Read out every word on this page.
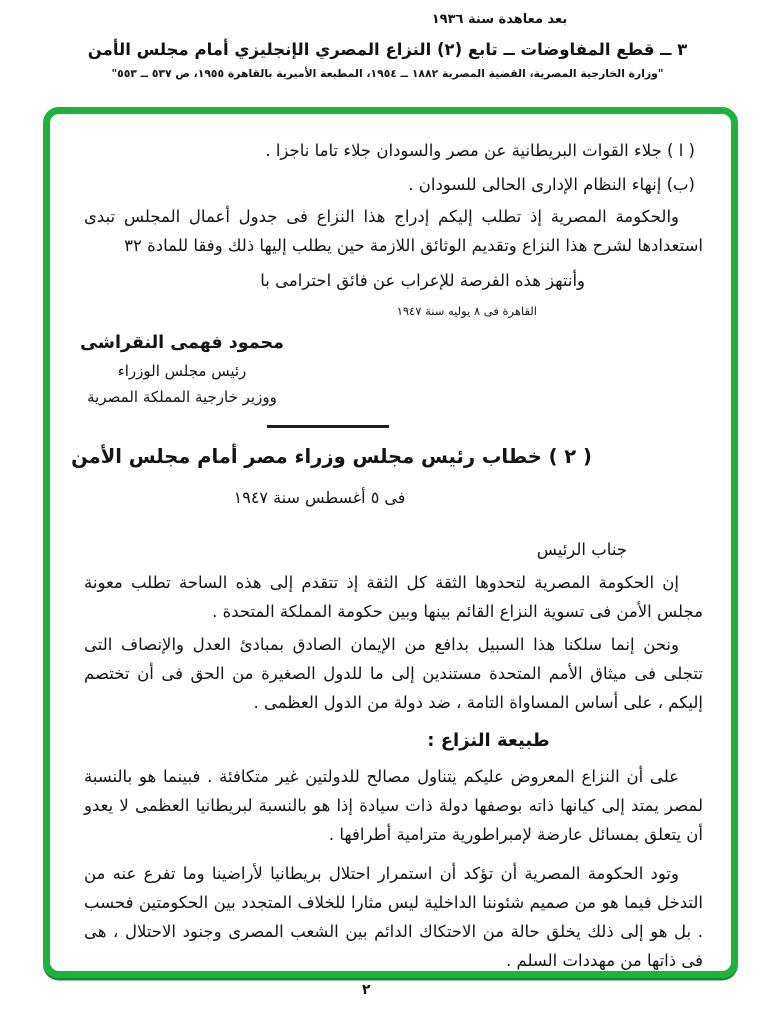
بعد معاهدة سنة ١٩٣٦
٣ ــ قطع المفاوضات ــ تابع (٢) النزاع المصري الإنجليزي أمام مجلس الأمن
"وزارة الخارجية المصرية، القضية المصرية ١٨٨٢ ــ ١٩٥٤، المطبعة الأميرية بالقاهرة ١٩٥٥، ص ٥٣٧ ــ ٥٥٣"
( ا ) جلاء القوات البريطانية عن مصر والسودان جلاء تاما ناجزا .
(ب) إنهاء النظام الإدارى الحالى للسودان .
والحكومة المصرية إذ تطلب إليكم إدراج هذا النزاع فى جدول أعمال المجلس تبدى استعدادها لشرح هذا النزاع وتقديم الوثائق اللازمة حين يطلب إليها ذلك وفقا للمادة ٣٢
وأنتهز هذه الفرصة للإعراب عن فائق احترامى با
القاهرة فى ٨ يوليه سنة ١٩٤٧
محمود فهمى النقراشى
رئيس مجلس الوزراء
ووزير خارجية المملكة المصرية
( ٢ ) خطاب رئيس مجلس وزراء مصر أمام مجلس الأمن
فى ٥ أغسطس سنة ١٩٤٧
جناب الرئيس
إن الحكومة المصرية لتحدوها الثقة كل الثقة إذ تتقدم إلى هذه الساحة تطلب معونة مجلس الأمن فى تسوية النزاع القائم بينها وبين حكومة المملكة المتحدة .
ونحن إنما سلكنا هذا السبيل بدافع من الإيمان الصادق بمبادئ العدل والإنصاف التى تتجلى فى ميثاق الأمم المتحدة مستندين إلى ما للدول الصغيرة من الحق فى أن تختصم إليكم ، على أساس المساواة التامة ، ضد دولة من الدول العظمى .
طبيعة النزاع :
على أن النزاع المعروض عليكم يتناول مصالح للدولتين غير متكافئة . فبينما هو بالنسبة لمصر يمتد إلى كيانها ذاته بوصفها دولة ذات سيادة إذا هو بالنسبة لبريطانيا العظمى لا يعدو أن يتعلق بمسائل عارضة لإمبراطورية مترامية أطرافها .
وتود الحكومة المصرية أن تؤكد أن استمرار احتلال بريطانيا لأراضينا وما تفرع عنه من التدخل فيما هو من صميم شئوننا الداخلية ليس مثارا للخلاف المتجدد بين الحكومتين فحسب . بل هو إلى ذلك يخلق حالة من الاحتكاك الدائم بين الشعب المصرى وجنود الاحتلال ، هى فى ذاتها من مهددات السلم .
٢
